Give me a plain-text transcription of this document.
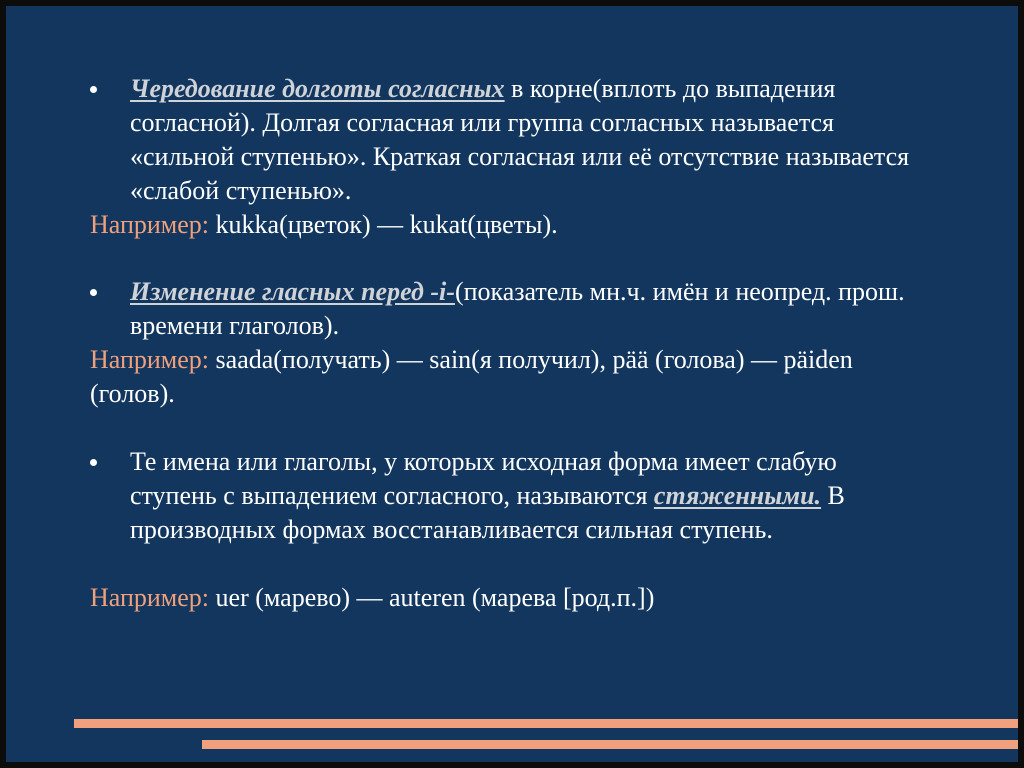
Чередование долготы согласных в корне(вплоть до выпадения согласной). Долгая согласная или группа согласных называется «сильной ступенью». Краткая согласная или её отсутствие называется «слабой ступенью».
Например: kukka(цветок) — kukat(цветы).
Изменение гласных перед -i-(показатель мн.ч. имён и неопред. прош. времени глаголов).
Например: saada(получать) — sain(я получил), pää (голова) — päiden (голов).
Те имена или глаголы, у которых исходная форма имеет слабую ступень с выпадением согласного, называются стяженными. В производных формах восстанавливается сильная ступень.
Например: uer (марево) — auteren (марева [род.п.])
